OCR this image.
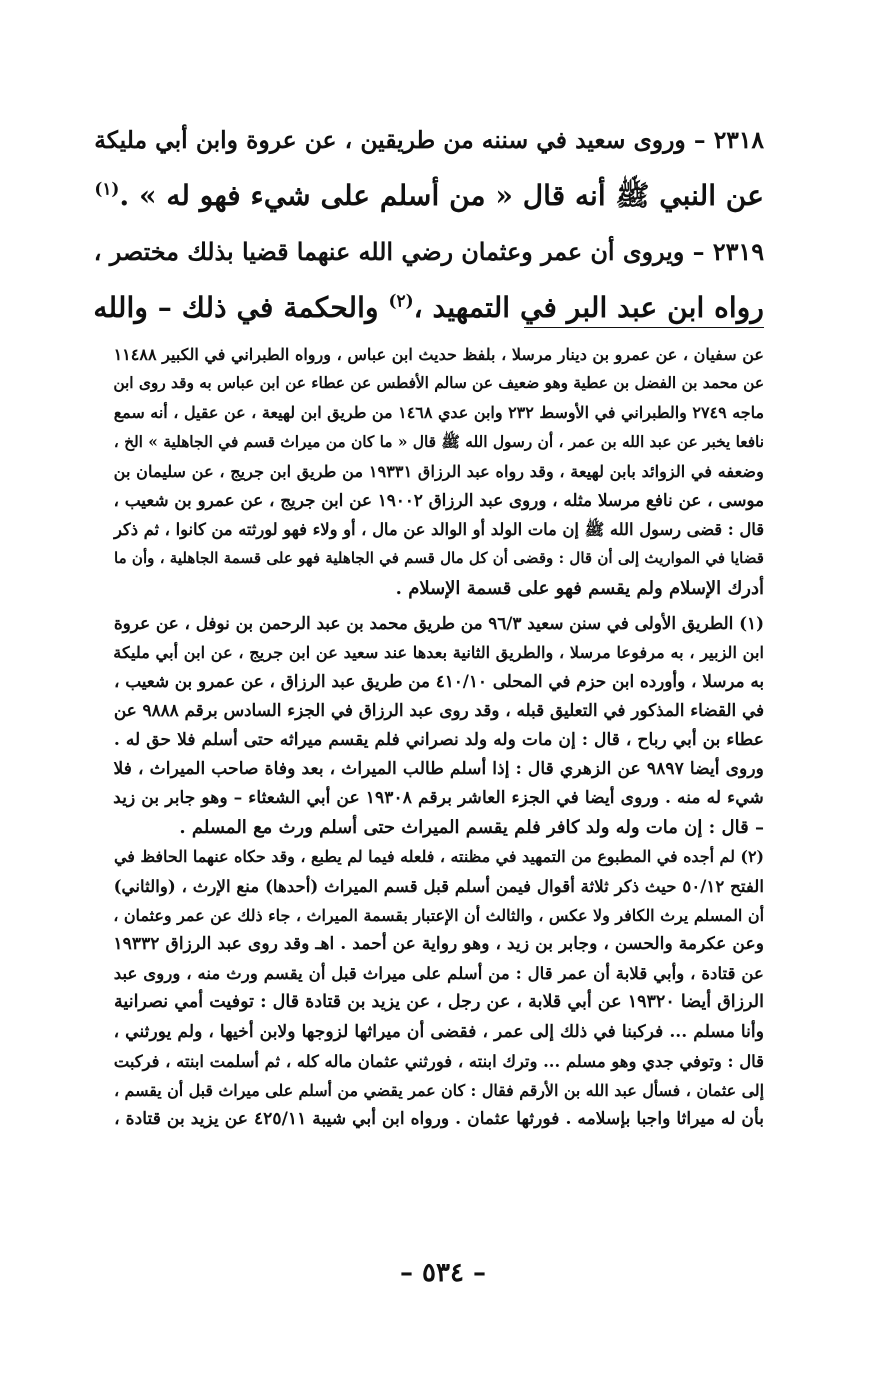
٢٣١٨ – وروى سعيد في سننه من طريقين ، عن عروة وابن أبي مليكة
عن النبي ﷺ أنه قال « من أسلم على شيء فهو له » .$^{(١)}$

٢٣١٩ – ويروى أن عمر وعثمان رضي الله عنهما قضيا بذلك مختصر ،
رواه ابن عبد البر في التمهيد ،$^{(٢)}$ والحكمة في ذلك – والله

عن سفيان ، عن عمرو بن دينار مرسلا ، بلفظ حديث ابن عباس ، ورواه الطبراني في الكبير ١١٤٨٨
عن محمد بن الفضل بن عطية وهو ضعيف عن سالم الأفطس عن عطاء عن ابن عباس به وقد روى ابن
ماجه ٢٧٤٩ والطبراني في الأوسط ٢٣٢ وابن عدي ١٤٦٨ من طريق ابن لهيعة ، عن عقيل ، أنه سمع
نافعا يخبر عن عبد الله بن عمر ، أن رسول الله ﷺ قال « ما كان من ميراث قسم في الجاهلية » الخ ،
وضعفه في الزوائد بابن لهيعة ، وقد رواه عبد الرزاق ١٩٣٣١ من طريق ابن جريج ، عن سليمان بن
موسى ، عن نافع مرسلا مثله ، وروى عبد الرزاق ١٩٠٠٢ عن ابن جريج ، عن عمرو بن شعيب ،
قال : قضى رسول الله ﷺ إن مات الولد أو الوالد عن مال ، أو ولاء فهو لورثته من كانوا ، ثم ذكر
قضايا في المواريث إلى أن قال : وقضى أن كل مال قسم في الجاهلية فهو على قسمة الجاهلية ، وأن ما
أدرك الإسلام ولم يقسم فهو على قسمة الإسلام .

(١) الطريق الأولى في سنن سعيد ٩٦/٣ من طريق محمد بن عبد الرحمن بن نوفل ، عن عروة
ابن الزبير ، به مرفوعا مرسلا ، والطريق الثانية بعدها عند سعيد عن ابن جريج ، عن ابن أبي مليكة
به مرسلا ، وأورده ابن حزم في المحلى ٤١٠/١٠ من طريق عبد الرزاق ، عن عمرو بن شعيب ،
في القضاء المذكور في التعليق قبله ، وقد روى عبد الرزاق في الجزء السادس برقم ٩٨٨٨ عن
عطاء بن أبي رباح ، قال : إن مات وله ولد نصراني فلم يقسم ميراثه حتى أسلم فلا حق له .
وروى أيضا ٩٨٩٧ عن الزهري قال : إذا أسلم طالب الميراث ، بعد وفاة صاحب الميراث ، فلا
شيء له منه . وروى أيضا في الجزء العاشر برقم ١٩٣٠٨ عن أبي الشعثاء – وهو جابر بن زيد
– قال : إن مات وله ولد كافر فلم يقسم الميراث حتى أسلم ورث مع المسلم .

(٢) لم أجده في المطبوع من التمهيد في مظنته ، فلعله فيما لم يطبع ، وقد حكاه عنهما الحافظ في
الفتح ٥٠/١٢ حيث ذكر ثلاثة أقوال فيمن أسلم قبل قسم الميراث (أحدها) منع الإرث ، (والثاني)
أن المسلم يرث الكافر ولا عكس ، والثالث أن الإعتبار بقسمة الميراث ، جاء ذلك عن عمر وعثمان ،
وعن عكرمة والحسن ، وجابر بن زيد ، وهو رواية عن أحمد . اهـ وقد روى عبد الرزاق ١٩٣٣٢
عن قتادة ، وأبي قلابة أن عمر قال : من أسلم على ميراث قبل أن يقسم ورث منه ، وروى عبد
الرزاق أيضا ١٩٣٢٠ عن أبي قلابة ، عن رجل ، عن يزيد بن قتادة قال : توفيت أمي نصرانية
وأنا مسلم ... فركبنا في ذلك إلى عمر ، فقضى أن ميراثها لزوجها ولابن أخيها ، ولم يورثني ،
قال : وتوفي جدي وهو مسلم ... وترك ابنته ، فورثني عثمان ماله كله ، ثم أسلمت ابنته ، فركبت
إلى عثمان ، فسأل عبد الله بن الأرقم فقال : كان عمر يقضي من أسلم على ميراث قبل أن يقسم ،
بأن له ميراثا واجبا بإسلامه . فورثها عثمان . ورواه ابن أبي شيبة ٤٢٥/١١ عن يزيد بن قتادة ،

– ٥٣٤ –
